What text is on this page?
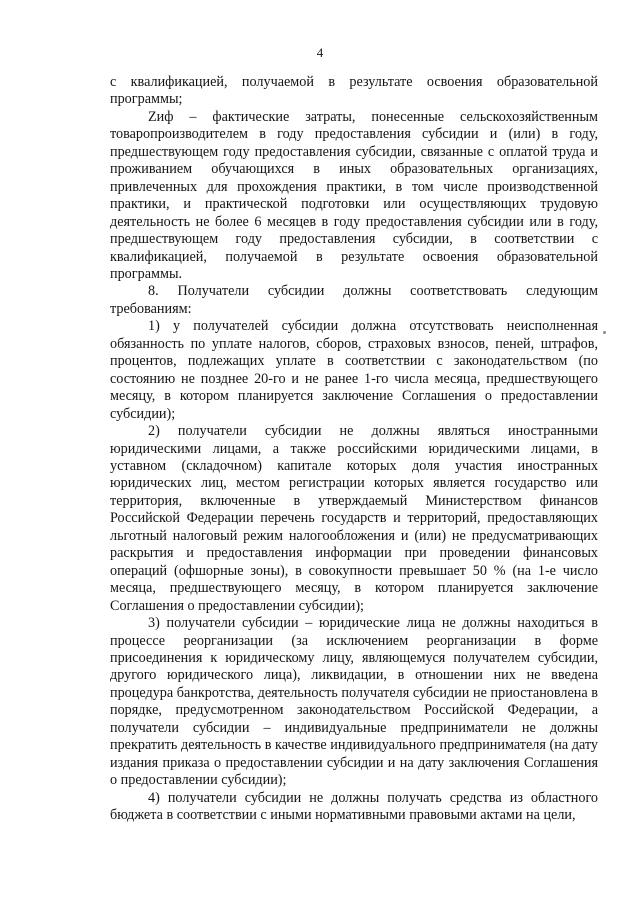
4

с квалификацией, получаемой в результате освоения образовательной программы;

Zиф – фактические затраты, понесенные сельскохозяйственным товаропроизводителем в году предоставления субсидии и (или) в году, предшествующем году предоставления субсидии, связанные с оплатой труда и проживанием обучающихся в иных образовательных организациях, привлеченных для прохождения практики, в том числе производственной практики, и практической подготовки или осуществляющих трудовую деятельность не более 6 месяцев в году предоставления субсидии или в году, предшествующем году предоставления субсидии, в соответствии с квалификацией, получаемой в результате освоения образовательной программы.

8. Получатели субсидии должны соответствовать следующим требованиям:

1) у получателей субсидии должна отсутствовать неисполненная обязанность по уплате налогов, сборов, страховых взносов, пеней, штрафов, процентов, подлежащих уплате в соответствии с законодательством (по состоянию не позднее 20-го и не ранее 1-го числа месяца, предшествующего месяцу, в котором планируется заключение Соглашения о предоставлении субсидии);

2) получатели субсидии не должны являться иностранными юридическими лицами, а также российскими юридическими лицами, в уставном (складочном) капитале которых доля участия иностранных юридических лиц, местом регистрации которых является государство или территория, включенные в утверждаемый Министерством финансов Российской Федерации перечень государств и территорий, предоставляющих льготный налоговый режим налогообложения и (или) не предусматривающих раскрытия и предоставления информации при проведении финансовых операций (офшорные зоны), в совокупности превышает 50 % (на 1-е число месяца, предшествующего месяцу, в котором планируется заключение Соглашения о предоставлении субсидии);

3) получатели субсидии – юридические лица не должны находиться в процессе реорганизации (за исключением реорганизации в форме присоединения к юридическому лицу, являющемуся получателем субсидии, другого юридического лица), ликвидации, в отношении них не введена процедура банкротства, деятельность получателя субсидии не приостановлена в порядке, предусмотренном законодательством Российской Федерации, а получатели субсидии – индивидуальные предприниматели не должны прекратить деятельность в качестве индивидуального предпринимателя (на дату издания приказа о предоставлении субсидии и на дату заключения Соглашения о предоставлении субсидии);

4) получатели субсидии не должны получать средства из областного бюджета в соответствии с иными нормативными правовыми актами на цели,
